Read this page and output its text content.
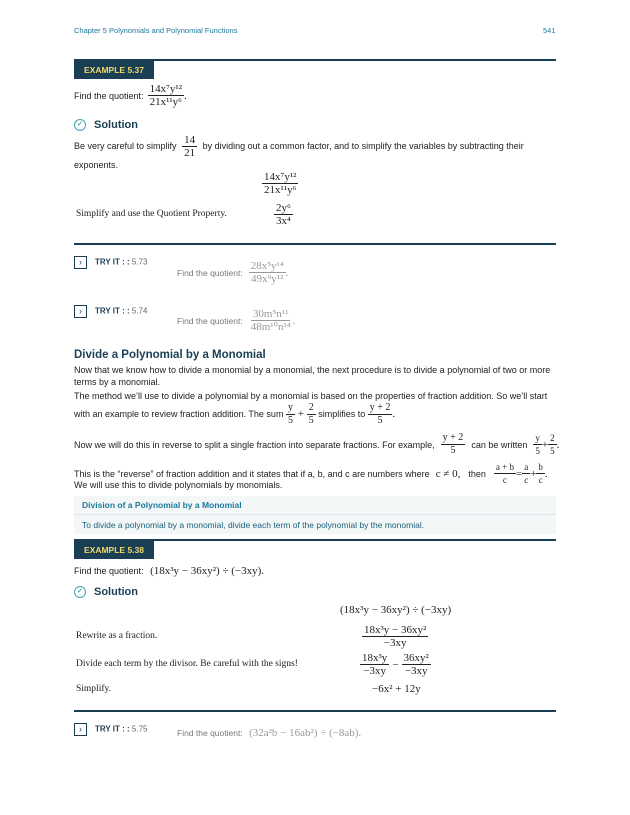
Chapter 5 Polynomials and Polynomial Functions	541
EXAMPLE 5.37
Find the quotient: $\frac{\text{14x⁷y¹²}}{\text{21x¹¹y⁶}}$ .
✓ Solution
Be very careful to simplify $\frac{14}{21}$ by dividing out a common factor, and to simplify the variables by subtracting their exponents.
$\frac{\text{14x⁷y¹²}}{\text{21x¹¹y⁶}}$
Simplify and use the Quotient Property.	$\frac{\text{2y⁶}}{\text{3x⁴}}$
› TRY IT : : 5.73
Find the quotient: $\frac{\text{28x⁵y¹⁴}}{\text{49x⁹y¹²}}$ .
› TRY IT : : 5.74
Find the quotient: $\frac{\text{30m⁵n¹¹}}{\text{48m¹⁰n¹⁴}}$ .
Divide a Polynomial by a Monomial
Now that we know how to divide a monomial by a monomial, the next procedure is to divide a polynomial of two or more terms by a monomial.
The method we’ll use to divide a polynomial by a monomial is based on the properties of fraction addition. So we’ll start with an example to review fraction addition. The sum $\frac{y}{5} + \frac{2}{5}$ simplifies to $\frac{y + 2}{5}$ .
Now we will do this in reverse to split a single fraction into separate fractions. For example, $\frac{y + 2}{5}$ can be written $\frac{y}{5} + \frac{2}{5}$ .
This is the “reverse” of fraction addition and it states that if a, b, and c are numbers where c ≠ 0, then $\frac{a + b}{c} = \frac{a}{c} + \frac{b}{c}$ .
We will use this to divide polynomials by monomials.
Division of a Polynomial by a Monomial
To divide a polynomial by a monomial, divide each term of the polynomial by the monomial.
EXAMPLE 5.38
Find the quotient: (18x³y − 36xy²) ÷ (−3xy).
✓ Solution
(18x³y − 36xy²) ÷ (−3xy)
Rewrite as a fraction.	$\frac{\text{18x³y − 36xy²}}{-3xy}$
Divide each term by the divisor. Be careful with the signs!	$\frac{\text{18x³y}}{-3xy} - \frac{\text{36xy²}}{-3xy}$
Simplify.	−6x² + 12y
› TRY IT : : 5.75	Find the quotient: (32a²b − 16ab²) ÷ (−8ab).
